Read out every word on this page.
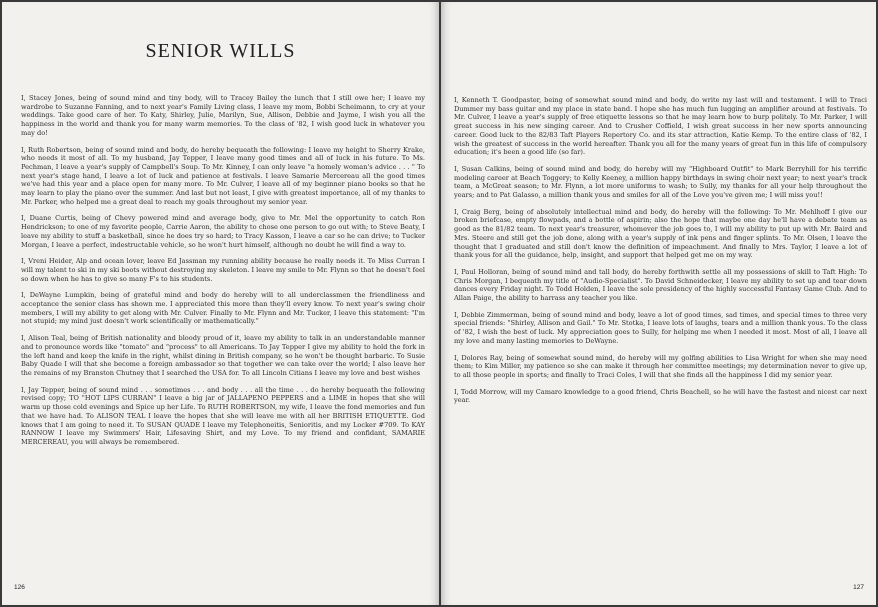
SENIOR WILLS

I, Stacey Jones, being of sound mind and tiny body, will to Tracey Bailey the lunch that I still owe her; I leave my wardrobe to Suzanne Fanning, and to next year's Family Living class, I leave my mom, Bobbi Scheimann, to cry at your weddings. Take good care of her. To Katy, Shirley, Julie, Marilyn, Sue, Allison, Debbie and Jayme, I wish you all the happiness in the world and thank you for many warm memories. To the class of '82, I wish good luck in whatever you may do!

I, Ruth Robertson, being of sound mind and body, do hereby bequeath the following: I leave my height to Sherry Krake, who needs it most of all. To my husband, Jay Tepper, I leave many good times and all of luck in his future. To Ms. Pechman, I leave a year's supply of Campbell's Soup. To Mr. Kinney, I can only leave "a homely woman's advice . . . " To next year's stage hand, I leave a lot of luck and patience at festivals. I leave Samarie Mercereau all the good times we've had this year and a place open for many more. To Mr. Culver, I leave all of my beginner piano books so that he may learn to play the piano over the summer. And last but not least, I give with greatest importance, all of my thanks to Mr. Parker, who helped me a great deal to reach my goals throughout my senior year.

I, Duane Curtis, being of Chevy powered mind and average body, give to Mr. Mel the opportunity to catch Ron Hendrickson; to one of my favorite people, Carrie Aaron, the ability to chose one person to go out with; to Steve Beaty, I leave my ability to stuff a basketball, since he does try so hard; to Tracy Kasson, I leave a car so he can drive; to Tucker Morgan, I leave a perfect, indestructable vehicle, so he won't hurt himself, although no doubt he will find a way to.

I, Vreni Heider, Alp and ocean lover, leave Ed Jassman my running ability because he really needs it. To Miss Curran I will my talent to ski in my ski boots without destroying my skeleton. I leave my smile to Mr. Flynn so that he doesn't feel so down when he has to give so many F's to his students.

I, DeWayne Lumpkin, being of grateful mind and body do hereby will to all underclassmen the friendliness and acceptance the senior class has shown me. I appreciated this more than they'll every know. To next year's swing choir members, I will my ability to get along with Mr. Culver. Finally to Mr. Flynn and Mr. Tucker, I leave this statement: "I'm not stupid; my mind just doesn't work scientifically or mathematically."

I, Alison Teal, being of British nationality and bloody proud of it, leave my ability to talk in an understandable manner and to pronounce words like "tomato" and "process" to all Americans. To Jay Tepper I give my ability to hold the fork in the left hand and keep the knife in the right, whilst dining in British company, so he won't be thought barbaric. To Susie Baby Quade I will that she become a foreign ambassador so that together we can take over the world; I also leave her the remains of my Branston Chutney that I searched the USA for. To all Lincoln Citians I leave my love and best wishes

I, Jay Tepper, being of sound mind . . . sometimes . . . and body . . . all the time . . . do hereby bequeath the following revised copy; TO "HOT LIPS CURRAN" I leave a big jar of JALLAPENO PEPPERS and a LIME in hopes that she will warm up those cold evenings and Spice up her Life. To RUTH ROBERTSON, my wife, I leave the fond memories and fun that we have had. To ALISON TEAL I leave the hopes that she will leave me with all her BRITISH ETIQUETTE. God knows that I am going to need it. To SUSAN QUADE I leave my Telephoneitis, Senioritis, and my Locker #709. To KAY RANNOW I leave my Swimmers' Hair, Lifesaving Shirt, and my Love. To my friend and confidant, SAMARIE MERCEREAU, you will always be remembered.

126

I, Kenneth T. Goodpaster, being of somewhat sound mind and body, do write my last will and testament. I will to Traci Dummer my bass guitar and my place in state band. I hope she has much fun lugging an amplifier around at festivals. To Mr. Culver, I leave a year's supply of free etiquette lessons so that he may learn how to burp politely. To Mr. Parker, I will great success in his new singing career. And to Crusher Coffield, I wish great success in her new sports announcing career. Good luck to the 82/83 Taft Players Repertory Co. and its star attraction, Katie Kemp. To the entire class of '82, I wish the greatest of success in the world hereafter. Thank you all for the many years of great fun in this life of compulsory education; it's been a good life (so far).

I, Susan Calkins, being of sound mind and body, do hereby will my "Highboard Outfit" to Mark Berryhill for his terrific modeling career at Beach Toggery; to Kelly Keeney, a million happy birthdays in swing choir next year; to next year's track team, a McGreat season; to Mr. Flynn, a lot more uniforms to wash; to Sully, my thanks for all your help throughout the years; and to Pat Galasso, a million thank yous and smiles for all of the Love you've given me; I will miss you!!

I, Craig Berg, being of absolutely intellectual mind and body, do hereby will the following: To Mr. Mehlhoff I give our broken briefcase, empty flowpads, and a bottle of aspirin; also the hope that maybe one day he'll have a debate team as good as the 81/82 team. To next year's treasurer, whomever the job goes to, I will my ability to put up with Mr. Baird and Mrs. Steere and still get the job done, along with a year's supply of ink pens and finger splints. To Mr. Olsen, I leave the thought that I graduated and still don't know the definition of impeachment. And finally to Mrs. Taylor, I leave a lot of thank yous for all the guidance, help, insight, and support that helped get me on my way.

I, Paul Holloran, being of sound mind and tall body, do hereby forthwith settle all my possessions of skill to Taft High: To Chris Morgan, I bequeath my title of "Audio-Specialist". To David Schneidecker, I leave my ability to set up and tear down dances every Friday night. To Todd Holden, I leave the sole presidency of the highly successful Fantasy Game Club. And to Allan Paige, the ability to harrass any teacher you like.

I, Debbie Zimmerman, being of sound mind and body, leave a lot of good times, sad times, and special times to three very special friends: "Shirley, Allison and Gail." To Mr. Stotka, I leave lots of laughs, tears and a million thank yous. To the class of '82, I wish the best of luck. My appreciation goes to Sully, for helping me when I needed it most. Most of all, I leave all my love and many lasting memories to DeWayne.

I, Dolores Ray, being of somewhat sound mind, do hereby will my golfing abilities to Lisa Wright for when she may need them; to Kim Miller, my patience so she can make it through her committee meetings; my determination never to give up, to all those people in sports; and finally to Traci Coles, I will that she finds all the happiness I did my senior year.

I, Todd Morrow, will my Camaro knowledge to a good friend, Chris Beachell, so he will have the fastest and nicest car next year.

127
